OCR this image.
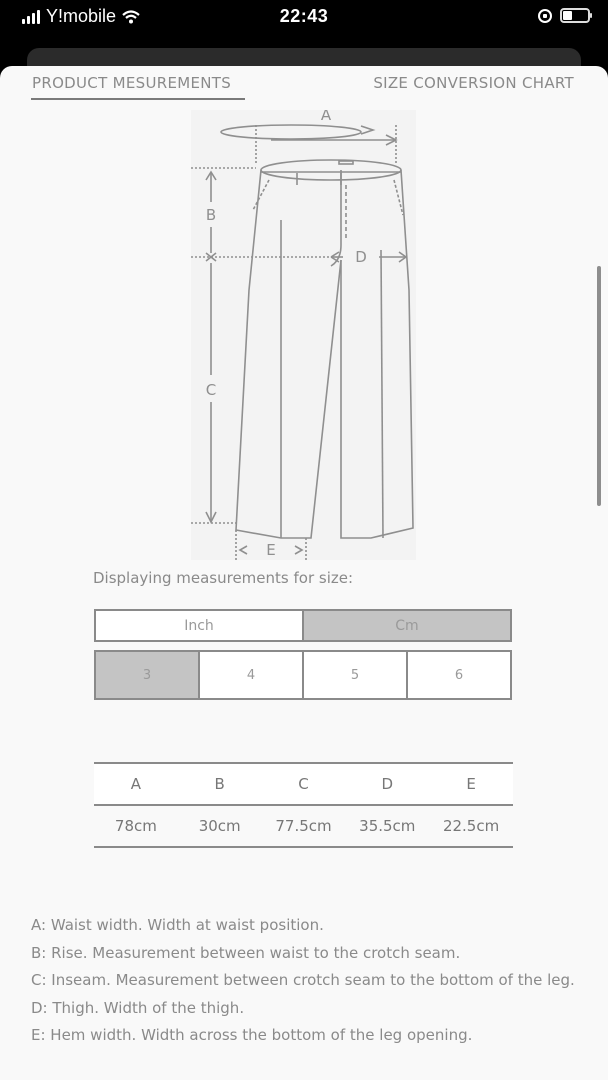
Y!mobile	22:43
PRODUCT MESUREMENTS	SIZE CONVERSION CHART
A
B
C
D
E
Displaying measurements for size:
Inch	Cm
3	4	5	6
A	B	C	D	E
78cm	30cm	77.5cm	35.5cm	22.5cm

A: Waist width. Width at waist position.

B: Rise. Measurement between waist to the crotch seam.

C: Inseam. Measurement between crotch seam to the bottom of the leg.

D: Thigh. Width of the thigh.

E: Hem width. Width across the bottom of the leg opening.
